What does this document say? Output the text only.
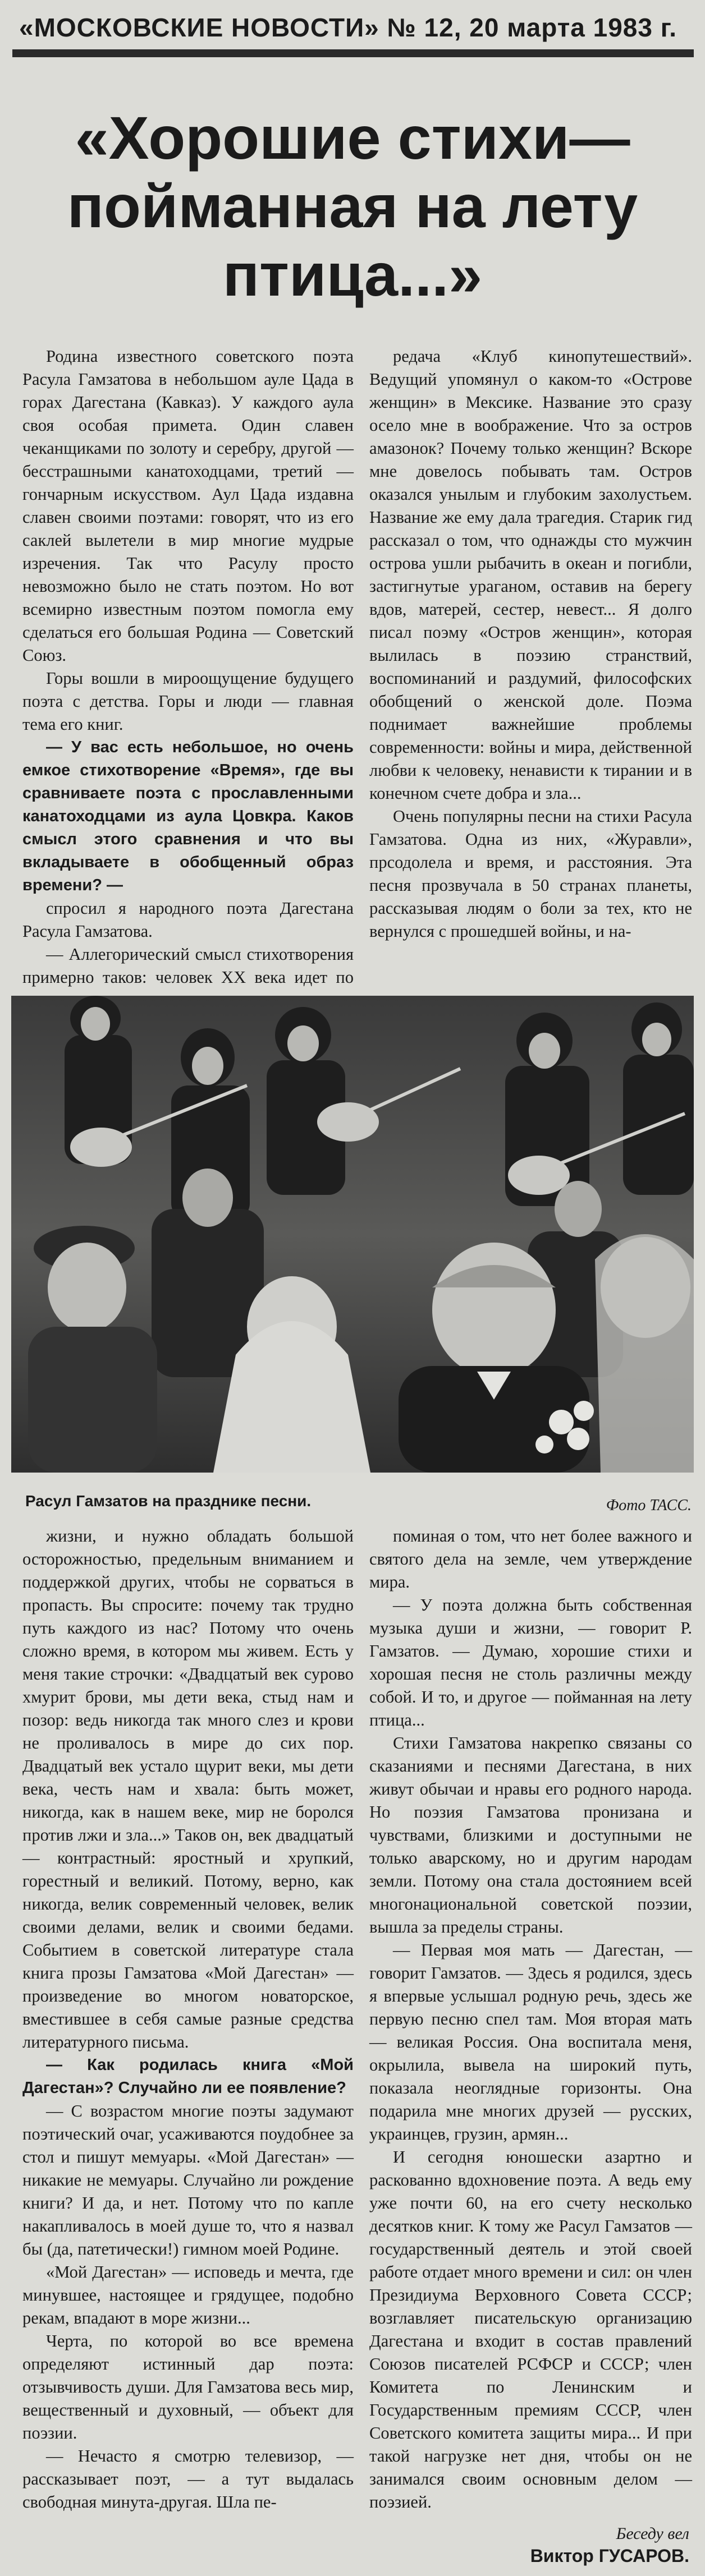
«МОСКОВСКИЕ НОВОСТИ» № 12, 20 марта 1983 г.
«Хорошие стихи—
пойманная на лету
птица...»

Родина известного советского поэта Расула Гамзатова в небольшом ауле Цада в горах Дагестана (Кавказ). У каждого аула своя особая примета. Один славен чеканщиками по золоту и серебру, другой — бесстрашными канатоходцами, третий — гончарным искусством. Аул Цада издавна славен своими поэтами: говорят, что из его саклей вылетели в мир многие мудрые изречения. Так что Расулу просто невозможно было не стать поэтом. Но вот всемирно известным поэтом помогла ему сделаться его большая Родина — Советский Союз.

Горы вошли в мироощущение будущего поэта с детства. Горы и люди — главная тема его книг.

— У вас есть небольшое, но очень емкое стихотворение «Время», где вы сравниваете поэта с прославленными канатоходцами из аула Цовкра. Каков смысл этого сравнения и что вы вкладываете в обобщенный образ времени? —

спросил я народного поэта Дагестана Расула Гамзатова.

— Аллегорический смысл стихотворения примерно таков: человек XX века идет по

редача «Клуб кинопутешествий». Ведущий упомянул о каком-то «Острове женщин» в Мексике. Название это сразу осело мне в воображение. Что за остров амазонок? Почему только женщин? Вскоре мне довелось побывать там. Остров оказался унылым и глубоким захолустьем. Название же ему дала трагедия. Старик гид рассказал о том, что однажды сто мужчин острова ушли рыбачить в океан и погибли, застигнутые ураганом, оставив на берегу вдов, матерей, сестер, невест... Я долго писал поэму «Остров женщин», которая вылилась в поэзию странствий, воспоминаний и раздумий, философских обобщений о женской доле. Поэма поднимает важнейшие проблемы современности: войны и мира, действенной любви к человеку, ненависти к тирании и в конечном счете добра и зла...

Очень популярны песни на стихи Расула Гамзатова. Одна из них, «Журавли», прсодолела и время, и расстояния. Эта песня прозвучала в 50 странах планеты, рассказывая людям о боли за тех, кто не вернулся с прошедшей войны, и на-

Расул Гамзатов на празднике песни.	Фото ТАСС.

жизни, и нужно обладать большой осторожностью, предельным вниманием и поддержкой других, чтобы не сорваться в пропасть. Вы спросите: почему так трудно путь каждого из нас? Потому что очень сложно время, в котором мы живем. Есть у меня такие строчки: «Двадцатый век сурово хмурит брови, мы дети века, стыд нам и позор: ведь никогда так много слез и крови не проливалось в мире до сих пор. Двадцатый век устало щурит веки, мы дети века, честь нам и хвала: быть может, никогда, как в нашем веке, мир не боролся против лжи и зла...» Таков он, век двадцатый — контрастный: яростный и хрупкий, горестный и великий. Потому, верно, как никогда, велик современный человек, велик своими делами, велик и своими бедами. Событием в советской литературе стала книга прозы Гамзатова «Мой Дагестан» — произведение во многом новаторское, вместившее в себя самые разные средства литературного письма.

— Как родилась книга «Мой Дагестан»? Случайно ли ее появление?

— С возрастом многие поэты задумают поэтический очаг, усаживаются поудобнее за стол и пишут мемуары. «Мой Дагестан» — никакие не мемуары. Случайно ли рождение книги? И да, и нет. Потому что по капле накапливалось в моей душе то, что я назвал бы (да, патетически!) гимном моей Родине.

«Мой Дагестан» — исповедь и мечта, где минувшее, настоящее и грядущее, подобно рекам, впадают в море жизни...

Черта, по которой во все времена определяют истинный дар поэта: отзывчивость души. Для Гамзатова весь мир, вещественный и духовный, — объект для поэзии.

— Нечасто я смотрю телевизор, — рассказывает поэт, — а тут выдалась свободная минута-другая. Шла пе-

поминая о том, что нет более важного и святого дела на земле, чем утверждение мира.

— У поэта должна быть собственная музыка души и жизни, — говорит Р. Гамзатов. — Думаю, хорошие стихи и хорошая песня не столь различны между собой. И то, и другое — пойманная на лету птица...

Стихи Гамзатова накрепко связаны со сказаниями и песнями Дагестана, в них живут обычаи и нравы его родного народа. Но поэзия Гамзатова пронизана и чувствами, близкими и доступными не только аварскому, но и другим народам земли. Потому она стала достоянием всей многонациональной советской поэзии, вышла за пределы страны.

— Первая моя мать — Дагестан, — говорит Гамзатов. — Здесь я родился, здесь я впервые услышал родную речь, здесь же первую песню спел там. Моя вторая мать — великая Россия. Она воспитала меня, окрылила, вывела на широкий путь, показала неоглядные горизонты. Она подарила мне многих друзей — русских, украинцев, грузин, армян...

И сегодня юношески азартно и раскованно вдохновение поэта. А ведь ему уже почти 60, на его счету несколько десятков книг. К тому же Расул Гамзатов — государственный деятель и этой своей работе отдает много времени и сил: он член Президиума Верховного Совета СССР; возглавляет писательскую организацию Дагестана и входит в состав правлений Союзов писателей РСФСР и СССР; член Комитета по Ленинским и Государственным премиям СССР, член Советского комитета защиты мира... И при такой нагрузке нет дня, чтобы он не занимался своим основным делом — поэзией.

Беседу вел
Виктор ГУСАРОВ.
